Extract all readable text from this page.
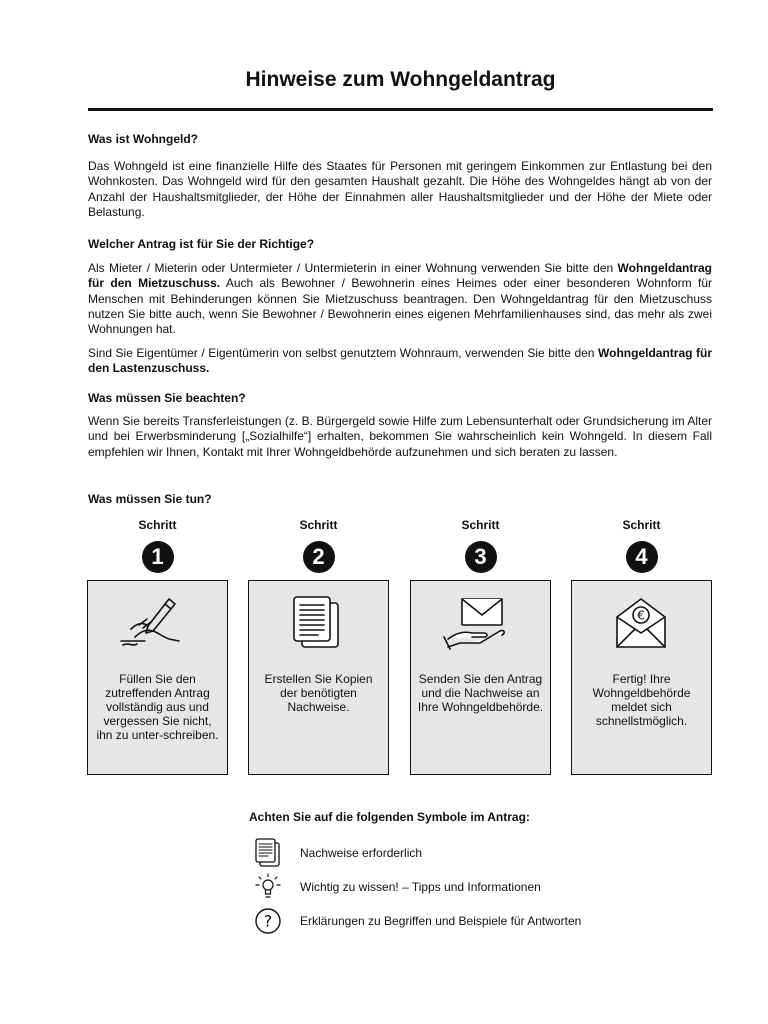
Hinweise zum Wohngeldantrag
Was ist Wohngeld?
Das Wohngeld ist eine finanzielle Hilfe des Staates für Personen mit geringem Einkommen zur Entlastung bei den Wohnkosten. Das Wohngeld wird für den gesamten Haushalt gezahlt. Die Höhe des Wohngeldes hängt ab von der Anzahl der Haushaltsmitglieder, der Höhe der Einnahmen aller Haushaltsmitglieder und der Höhe der Miete oder Belastung.
Welcher Antrag ist für Sie der Richtige?
Als Mieter / Mieterin oder Untermieter / Untermieterin in einer Wohnung verwenden Sie bitte den Wohngeldantrag für den Mietzuschuss. Auch als Bewohner / Bewohnerin eines Heimes oder einer besonderen Wohnform für Menschen mit Behinderungen können Sie Mietzuschuss beantragen. Den Wohngeldantrag für den Mietzuschuss nutzen Sie bitte auch, wenn Sie Bewohner / Bewohnerin eines eigenen Mehrfamilienhauses sind, das mehr als zwei Wohnungen hat.
Sind Sie Eigentümer / Eigentümerin von selbst genutztem Wohnraum, verwenden Sie bitte den Wohngeldantrag für den Lastenzuschuss.
Was müssen Sie beachten?
Wenn Sie bereits Transferleistungen (z. B. Bürgergeld sowie Hilfe zum Lebensunterhalt oder Grundsicherung im Alter und bei Erwerbsminderung [„Sozialhilfe“] erhalten, bekommen Sie wahrscheinlich kein Wohngeld. In diesem Fall empfehlen wir Ihnen, Kontakt mit Ihrer Wohngeldbehörde aufzunehmen und sich beraten zu lassen.
Was müssen Sie tun?
Schritt
1
Schritt
2
Schritt
3
Schritt
4
Füllen Sie den zutreffenden Antrag vollständig aus und vergessen Sie nicht, ihn zu unter-schreiben.
Erstellen Sie Kopien der benötigten Nachweise.
Senden Sie den Antrag und die Nachweise an Ihre Wohngeldbehörde.
€
Fertig! Ihre Wohngeldbehörde meldet sich schnellstmöglich.
Achten Sie auf die folgenden Symbole im Antrag:
Nachweise erforderlich
Wichtig zu wissen! – Tipps und Informationen
? Erklärungen zu Begriffen und Beispiele für Antworten
